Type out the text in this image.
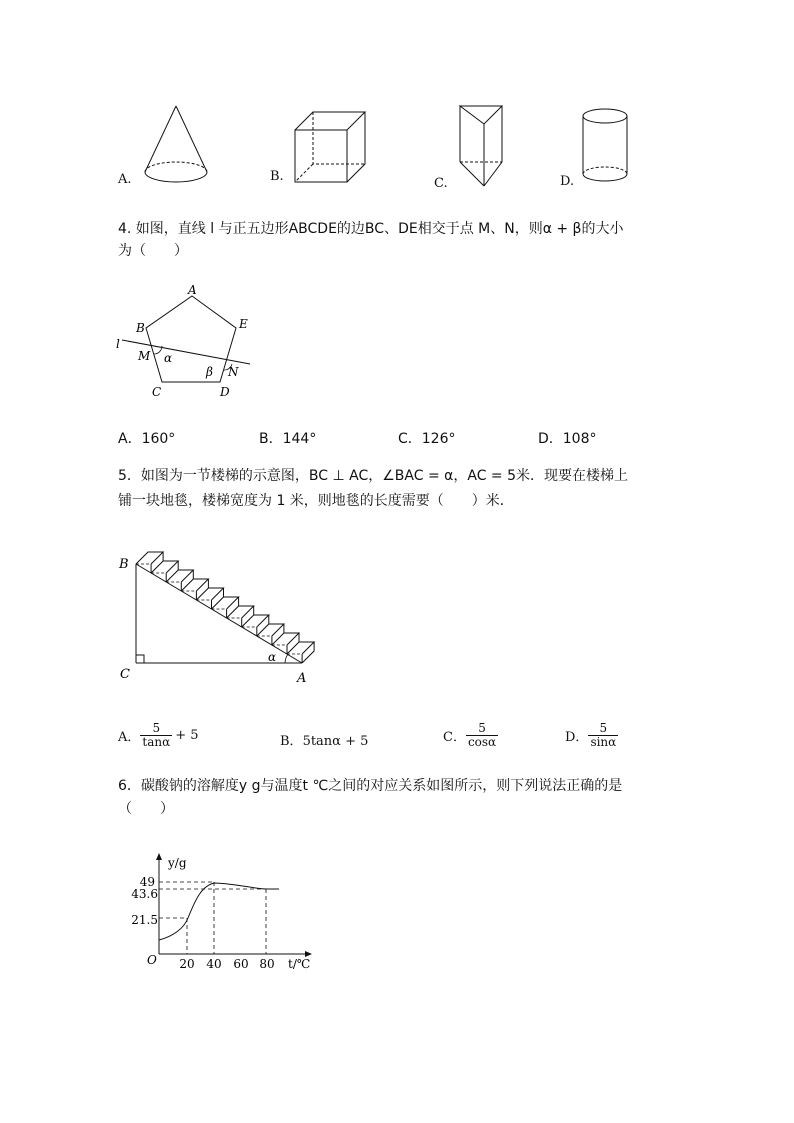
A.	B.	C.	D.
4. 如图，直线 l 与正五边形ABCDE的边BC、DE相交于点 M、N，则α + β的大小
为（　　）
A
B
C	D
E
l
M
N
α
β
A．160°	B．144°	C．126°	D．108°
5．如图为一节楼梯的示意图，BC ⊥ AC，∠BAC = α，AC = 5米．现要在楼梯上
铺一块地毯，楼梯宽度为 1 米，则地毯的长度需要（　　）米．
B
C	A
α
A． $\frac{5}{\tan\alpha} + 5$	B．5tanα + 5	C． $\frac{5}{\cos\alpha}$	D． $\frac{5}{\sin\alpha}$
6．碳酸钠的溶解度y g与温度t ℃之间的对应关系如图所示，则下列说法正确的是
（　　）
y/g
t/℃
O
49
43.6
21.5
20 40 60 80
